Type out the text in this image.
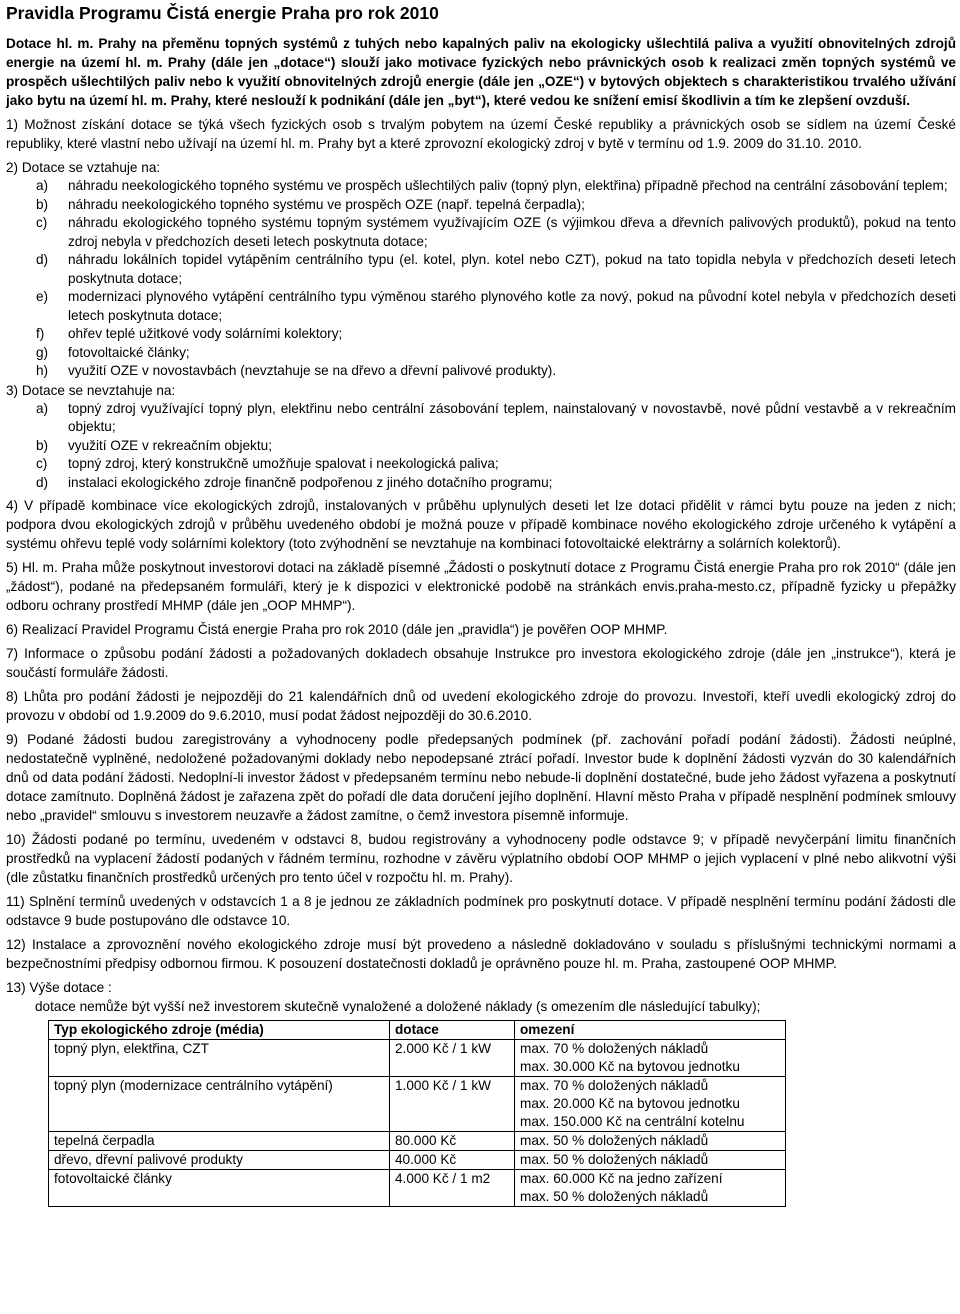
Pravidla Programu Čistá energie Praha pro rok 2010
Dotace hl. m. Prahy na přeměnu topných systémů z tuhých nebo kapalných paliv na ekologicky ušlechtilá paliva a využití obnovitelných zdrojů energie na území hl. m. Prahy (dále jen „dotace“) slouží jako motivace fyzických nebo právnických osob k realizaci změn topných systémů ve prospěch ušlechtilých paliv nebo k využití obnovitelných zdrojů energie (dále jen „OZE“) v bytových objektech s charakteristikou trvalého užívání jako bytu na území hl. m. Prahy, které neslouží k podnikání (dále jen „byt“), které vedou ke snížení emisí škodlivin a tím ke zlepšení ovzduší.
1) Možnost získání dotace se týká všech fyzických osob s trvalým pobytem na území České republiky a právnických osob se sídlem na území České republiky, které vlastní nebo užívají na území hl. m. Prahy byt a které zprovozní ekologický zdroj v bytě v termínu od 1.9. 2009 do 31.10. 2010.
2) Dotace se vztahuje na:
a) náhradu neekologického topného systému ve prospěch ušlechtilých paliv (topný plyn, elektřina) případně přechod na centrální zásobování teplem;
b) náhradu neekologického topného systému ve prospěch OZE (např. tepelná čerpadla);
c) náhradu ekologického topného systému topným systémem využívajícím OZE (s výjimkou dřeva a dřevních palivových produktů), pokud na tento zdroj nebyla v předchozích deseti letech poskytnuta dotace;
d) náhradu lokálních topidel vytápěním centrálního typu (el. kotel, plyn. kotel nebo CZT), pokud na tato topidla nebyla v předchozích deseti letech poskytnuta dotace;
e) modernizaci plynového vytápění centrálního typu výměnou starého plynového kotle za nový, pokud na původní kotel nebyla v předchozích deseti letech poskytnuta dotace;
f) ohřev teplé užitkové vody solárními kolektory;
g) fotovoltaické články;
h) využití OZE v novostavbách (nevztahuje se na dřevo a dřevní palivové produkty).
3) Dotace se nevztahuje na:
a) topný zdroj využívající topný plyn, elektřinu nebo centrální zásobování teplem, nainstalovaný v novostavbě, nové půdní vestavbě a v rekreačním objektu;
b) využití OZE v rekreačním objektu;
c) topný zdroj, který konstrukčně umožňuje spalovat i neekologická paliva;
d) instalaci ekologického zdroje finančně podpořenou z jiného dotačního programu;
4) V případě kombinace více ekologických zdrojů, instalovaných v průběhu uplynulých deseti let lze dotaci přidělit v rámci bytu pouze na jeden z nich; podpora dvou ekologických zdrojů v průběhu uvedeného období je možná pouze v případě kombinace nového ekologického zdroje určeného k vytápění a systému ohřevu teplé vody solárními kolektory (toto zvýhodnění se nevztahuje na kombinaci fotovoltaické elektrárny a solárních kolektorů).
5) Hl. m. Praha může poskytnout investorovi dotaci na základě písemné „Žádosti o poskytnutí dotace z Programu Čistá energie Praha pro rok 2010“ (dále jen „žádost“), podané na předepsaném formuláři, který je k dispozici v elektronické podobě na stránkách envis.praha-mesto.cz, případně fyzicky u přepážky odboru ochrany prostředí MHMP (dále jen „OOP MHMP“).
6) Realizací Pravidel Programu Čistá energie Praha pro rok 2010 (dále jen „pravidla“) je pověřen OOP MHMP.
7) Informace o způsobu podání žádosti a požadovaných dokladech obsahuje Instrukce pro investora ekologického zdroje (dále jen „instrukce“), která je součástí formuláře žádosti.
8) Lhůta pro podání žádosti je nejpozději do 21 kalendářních dnů od uvedení ekologického zdroje do provozu. Investoři, kteří uvedli ekologický zdroj do provozu v období od 1.9.2009 do 9.6.2010, musí podat žádost nejpozději do 30.6.2010.
9) Podané žádosti budou zaregistrovány a vyhodnoceny podle předepsaných podmínek (př. zachování pořadí podání žádosti). Žádosti neúplné, nedostatečně vyplněné, nedoložené požadovanými doklady nebo nepodepsané ztrácí pořadí. Investor bude k doplnění žádosti vyzván do 30 kalendářních dnů od data podání žádosti. Nedoplní-li investor žádost v předepsaném termínu nebo nebude-li doplnění dostatečné, bude jeho žádost vyřazena a poskytnutí dotace zamítnuto. Doplněná žádost je zařazena zpět do pořadí dle data doručení jejího doplnění. Hlavní město Praha v případě nesplnění podmínek smlouvy nebo „pravidel“ smlouvu s investorem neuzavře a žádost zamítne, o čemž investora písemně informuje.
10) Žádosti podané po termínu, uvedeném v odstavci 8, budou registrovány a vyhodnoceny podle odstavce 9; v případě nevyčerpání limitu finančních prostředků na vyplacení žádostí podaných v řádném termínu, rozhodne v závěru výplatního období OOP MHMP o jejich vyplacení v plné nebo alikvotní výši (dle zůstatku finančních prostředků určených pro tento účel v rozpočtu hl. m. Prahy).
11) Splnění termínů uvedených v odstavcích 1 a 8 je jednou ze základních podmínek pro poskytnutí dotace. V případě nesplnění termínu podání žádosti dle odstavce 9 bude postupováno dle odstavce 10.
12) Instalace a zprovoznění nového ekologického zdroje musí být provedeno a následně dokladováno v souladu s příslušnými technickými normami a bezpečnostními předpisy odbornou firmou. K posouzení dostatečnosti dokladů je oprávněno pouze hl. m. Praha, zastoupené OOP MHMP.
13) Výše dotace :
dotace nemůže být vyšší než investorem skutečně vynaložené a doložené náklady (s omezením dle následující tabulky);
Typ ekologického zdroje (média)	dotace	omezení
topný plyn, elektřina, CZT	2.000 Kč / 1 kW	max. 70 % doložených nákladů
max. 30.000 Kč na bytovou jednotku

topný plyn (modernizace centrálního vytápění)	1.000 Kč / 1 kW	max. 70 % doložených nákladů
max. 20.000 Kč na bytovou jednotku
max. 150.000 Kč na centrální kotelnu

tepelná čerpadla	80.000 Kč	max. 50 % doložených nákladů

dřevo, dřevní palivové produkty	40.000 Kč	max. 50 % doložených nákladů

fotovoltaické články	4.000 Kč / 1 m2	max. 60.000 Kč na jedno zařízení
max. 50 % doložených nákladů
